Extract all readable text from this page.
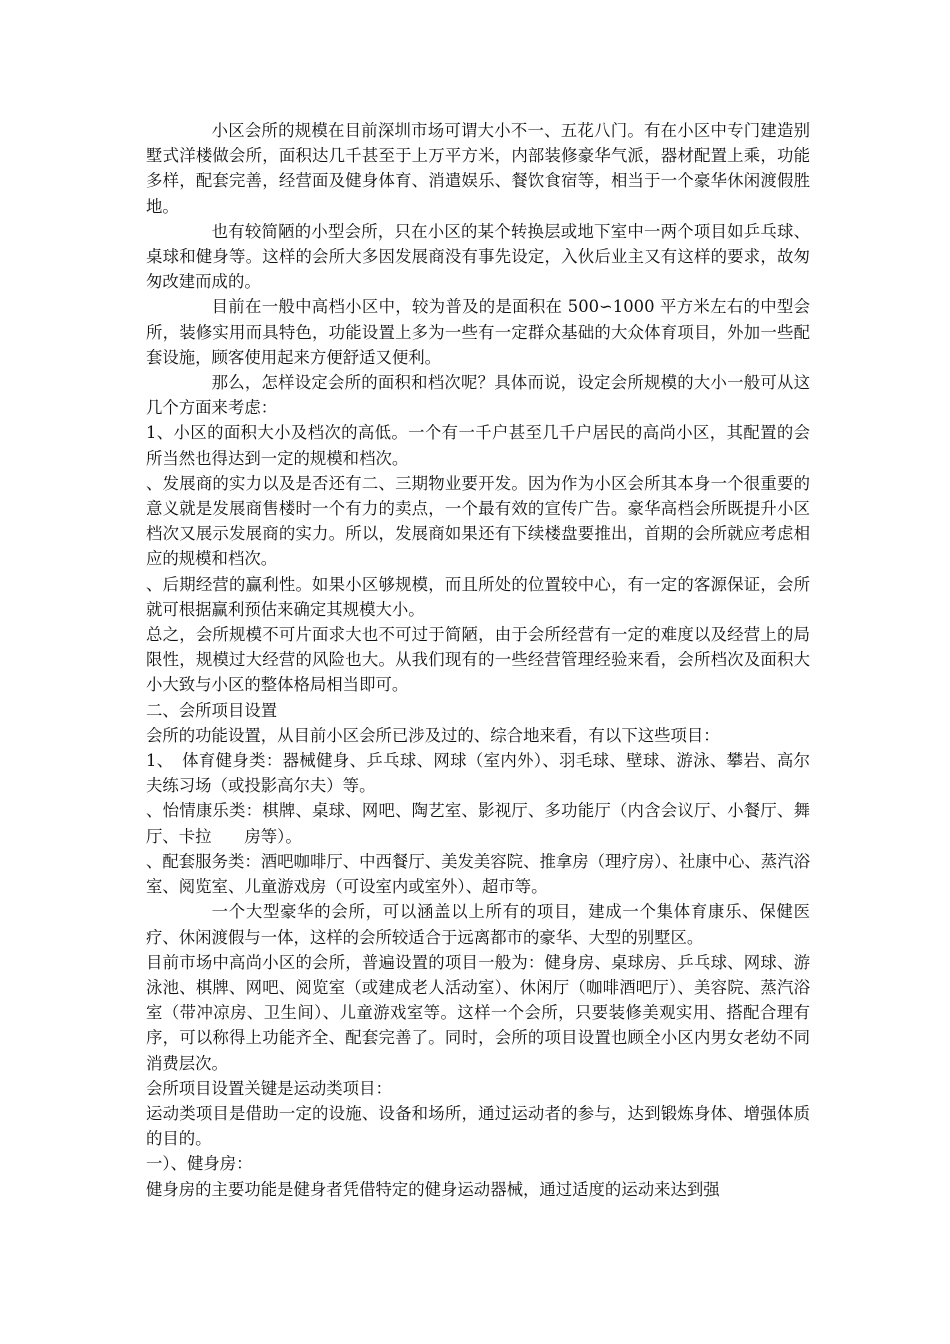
小区会所的规模在目前深圳市场可谓大小不一、五花八门。有在小区中专门建造别墅式洋楼做会所，面积达几千甚至于上万平方米，内部装修豪华气派，器材配置上乘，功能多样，配套完善，经营面及健身体育、消遣娱乐、餐饮食宿等，相当于一个豪华休闲渡假胜地。

也有较简陋的小型会所，只在小区的某个转换层或地下室中一两个项目如乒乓球、桌球和健身等。这样的会所大多因发展商没有事先设定，入伙后业主又有这样的要求，故匆匆改建而成的。

目前在一般中高档小区中，较为普及的是面积在 500∽1000 平方米左右的中型会所，装修实用而具特色，功能设置上多为一些有一定群众基础的大众体育项目，外加一些配套设施，顾客使用起来方便舒适又便利。

那么，怎样设定会所的面积和档次呢？具体而说，设定会所规模的大小一般可从这几个方面来考虑：

1、小区的面积大小及档次的高低。一个有一千户甚至几千户居民的高尚小区，其配置的会所当然也得达到一定的规模和档次。

、发展商的实力以及是否还有二、三期物业要开发。因为作为小区会所其本身一个很重要的意义就是发展商售楼时一个有力的卖点，一个最有效的宣传广告。豪华高档会所既提升小区档次又展示发展商的实力。所以，发展商如果还有下续楼盘要推出，首期的会所就应考虑相应的规模和档次。

、后期经营的赢利性。如果小区够规模，而且所处的位置较中心，有一定的客源保证，会所就可根据赢利预估来确定其规模大小。

总之，会所规模不可片面求大也不可过于简陋，由于会所经营有一定的难度以及经营上的局限性，规模过大经营的风险也大。从我们现有的一些经营管理经验来看，会所档次及面积大小大致与小区的整体格局相当即可。

二、会所项目设置

会所的功能设置，从目前小区会所已涉及过的、综合地来看，有以下这些项目：

1、　体育健身类：器械健身、乒乓球、网球（室内外）、羽毛球、壁球、游泳、攀岩、高尔夫练习场（或投影高尔夫）等。

、怡情康乐类：棋牌、桌球、网吧、陶艺室、影视厅、多功能厅（内含会议厅、小餐厅、舞厅、卡拉　　房等）。

、配套服务类：酒吧咖啡厅、中西餐厅、美发美容院、推拿房（理疗房）、社康中心、蒸汽浴室、阅览室、儿童游戏房（可设室内或室外）、超市等。

一个大型豪华的会所，可以涵盖以上所有的项目，建成一个集体育康乐、保健医疗、休闲渡假与一体，这样的会所较适合于远离都市的豪华、大型的别墅区。

目前市场中高尚小区的会所，普遍设置的项目一般为：健身房、桌球房、乒乓球、网球、游泳池、棋牌、网吧、阅览室（或建成老人活动室）、休闲厅（咖啡酒吧厅）、美容院、蒸汽浴室（带冲凉房、卫生间）、儿童游戏室等。这样一个会所，只要装修美观实用、搭配合理有序，可以称得上功能齐全、配套完善了。同时，会所的项目设置也顾全小区内男女老幼不同消费层次。

会所项目设置关键是运动类项目：

运动类项目是借助一定的设施、设备和场所，通过运动者的参与，达到锻炼身体、增强体质的目的。

一）、健身房：

健身房的主要功能是健身者凭借特定的健身运动器械，通过适度的运动来达到强
